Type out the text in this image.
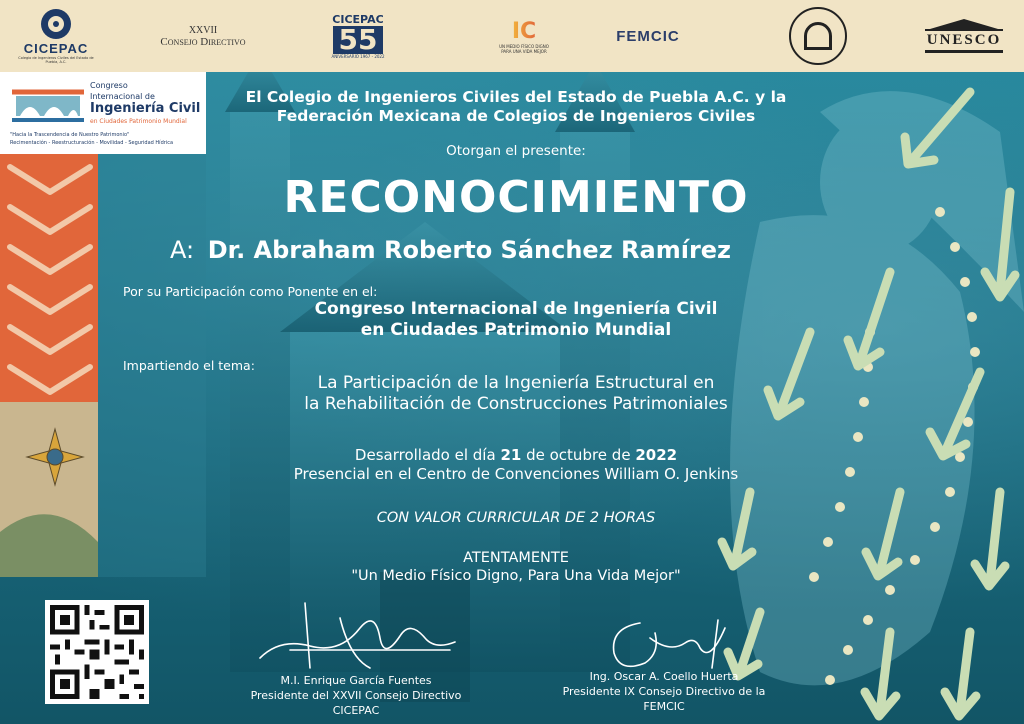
CICEPAC
Colegio de Ingenieros Civiles del Estado de Puebla, A.C.
XXVII
Consejo Directivo
CICEPAC
55
ANIVERSARIO 1967 - 2022
IC
UN MEDIO FÍSICO DIGNO PARA UNA VIDA MEJOR
FEMCIC	UNESCO
Congreso
Internacional de
Ingeniería Civil
en Ciudades Patrimonio Mundial
"Hacia la Trascendencia de Nuestro Patrimonio"
Recimentación - Reestructuración - Movilidad - Seguridad Hídrica
El Colegio de Ingenieros Civiles del Estado de Puebla A.C. y la
Federación Mexicana de Colegios de Ingenieros Civiles
Otorgan el presente:
RECONOCIMIENTO
A: Dr. Abraham Roberto Sánchez Ramírez
Por su Participación como Ponente en el:
Congreso Internacional de Ingeniería Civil
en Ciudades Patrimonio Mundial
Impartiendo el tema:
La Participación de la Ingeniería Estructural en
la Rehabilitación de Construcciones Patrimoniales
Desarrollado el día 21 de octubre de 2022
Presencial en el Centro de Convenciones William O. Jenkins
CON VALOR CURRICULAR DE 2 HORAS
ATENTAMENTE
"Un Medio Físico Digno, Para Una Vida Mejor"
M.I. Enrique García Fuentes
Presidente del XXVII Consejo Directivo
CICEPAC
Ing. Oscar A. Coello Huerta
Presidente IX Consejo Directivo de la
FEMCIC
